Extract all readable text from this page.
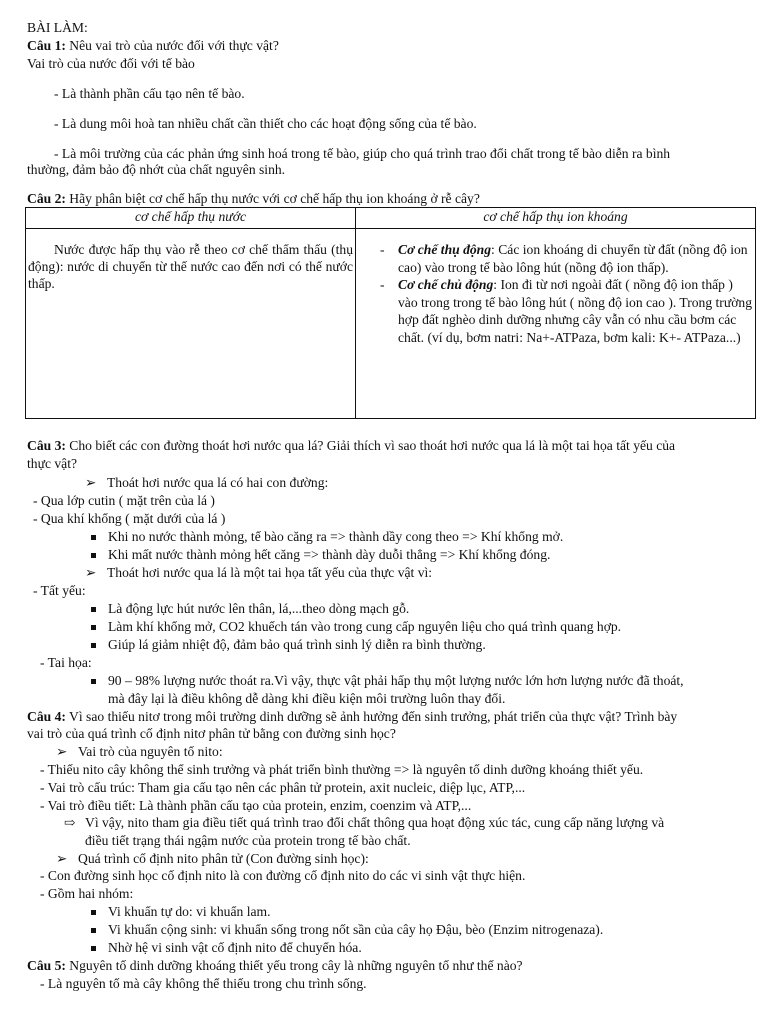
BÀI LÀM:
Câu 1: Nêu vai trò của nước đối với thực vật?
Vai trò của nước đối với tế bào
- Là thành phần cấu tạo nên tế bào.
- Là dung môi hoà tan nhiều chất cần thiết cho các hoạt động sống của tế bào.
- Là môi trường của các phản ứng sinh hoá trong tế bào, giúp cho quá trình trao đổi chất trong tế bào diễn ra bình
thường, đảm bảo độ nhớt của chất nguyên sinh.
Câu 2: Hãy phân biệt cơ chế hấp thụ nước với cơ chế hấp thụ ion khoáng ở rễ cây?
cơ chế hấp thụ nước	cơ chế hấp thụ ion khoáng

Nước được hấp thụ vào rễ theo cơ chế thẩm thấu (thụ động): nước di chuyển từ thế nước cao đến nơi có thế nước thấp.	- Cơ chế thụ động: Các ion khoáng di chuyển từ đất (nồng độ ion cao) vào trong tế bào lông hút (nồng độ ion thấp).
- Cơ chế chủ động: Ion đi từ nơi ngoài đất ( nồng độ ion thấp ) vào trong trong tế bào lông hút ( nồng độ ion cao ). Trong trường hợp đất nghèo dinh dưỡng nhưng cây vẫn có nhu cầu bơm các chất. (ví dụ, bơm natri: Na+-ATPaza, bơm kali: K+- ATPaza...)
Câu 3: Cho biết các con đường thoát hơi nước qua lá? Giải thích vì sao thoát hơi nước qua lá là một tai họa tất yếu của
thực vật?
➢ Thoát hơi nước qua lá có hai con đường:
- Qua lớp cutin ( mặt trên của lá )
- Qua khí khổng ( mặt dưới của lá )
Khi no nước thành mỏng, tế bào căng ra => thành dầy cong theo => Khí khổng mở.
Khi mất nước thành mỏng hết căng => thành dày duỗi thẳng => Khí khổng đóng.
➢ Thoát hơi nước qua lá là một tai họa tất yếu của thực vật vì:
- Tất yếu:
Là động lực hút nước lên thân, lá,...theo dòng mạch gỗ.
Làm khí khổng mở, CO2 khuếch tán vào trong cung cấp nguyên liệu cho quá trình quang hợp.
Giúp lá giảm nhiệt độ, đảm bảo quá trình sinh lý diễn ra bình thường.
- Tai họa:
90 – 98% lượng nước thoát ra.Vì vậy, thực vật phải hấp thụ một lượng nước lớn hơn lượng nước đã thoát,
mà đây lại là điều không dễ dàng khi điều kiện môi trường luôn thay đổi.
Câu 4: Vì sao thiếu nitơ trong môi trường dinh dưỡng sẽ ảnh hưởng đến sinh trưởng, phát triển của thực vật? Trình bày
vai trò của quá trình cố định nitơ phân tử bằng con đường sinh học?
➢ Vai trò của nguyên tố nito:
- Thiếu nito cây không thể sinh trưởng và phát triển bình thường => là nguyên tố dinh dưỡng khoáng thiết yếu.
- Vai trò cấu trúc: Tham gia cấu tạo nên các phân tử protein, axit nucleic, diệp lục, ATP,...
- Vai trò điều tiết: Là thành phần cấu tạo của protein, enzim, coenzim và ATP,...
⇨ Vì vậy, nito tham gia điều tiết quá trình trao đổi chất thông qua hoạt động xúc tác, cung cấp năng lượng và
điều tiết trạng thái ngậm nước của protein trong tế bào chất.
➢ Quá trình cố định nito phân tử (Con đường sinh học):
- Con đường sinh học cố định nito là con đường cố định nito do các vi sinh vật thực hiện.
- Gồm hai nhóm:
Vi khuẩn tự do: vi khuẩn lam.
Vi khuẩn cộng sinh: vi khuẩn sống trong nốt sần của cây họ Đậu, bèo (Enzim nitrogenaza).
Nhờ hệ vi sinh vật cố định nito để chuyển hóa.
Câu 5: Nguyên tố dinh dưỡng khoáng thiết yếu trong cây là những nguyên tố như thế nào?
- Là nguyên tố mà cây không thể thiếu trong chu trình sống.
